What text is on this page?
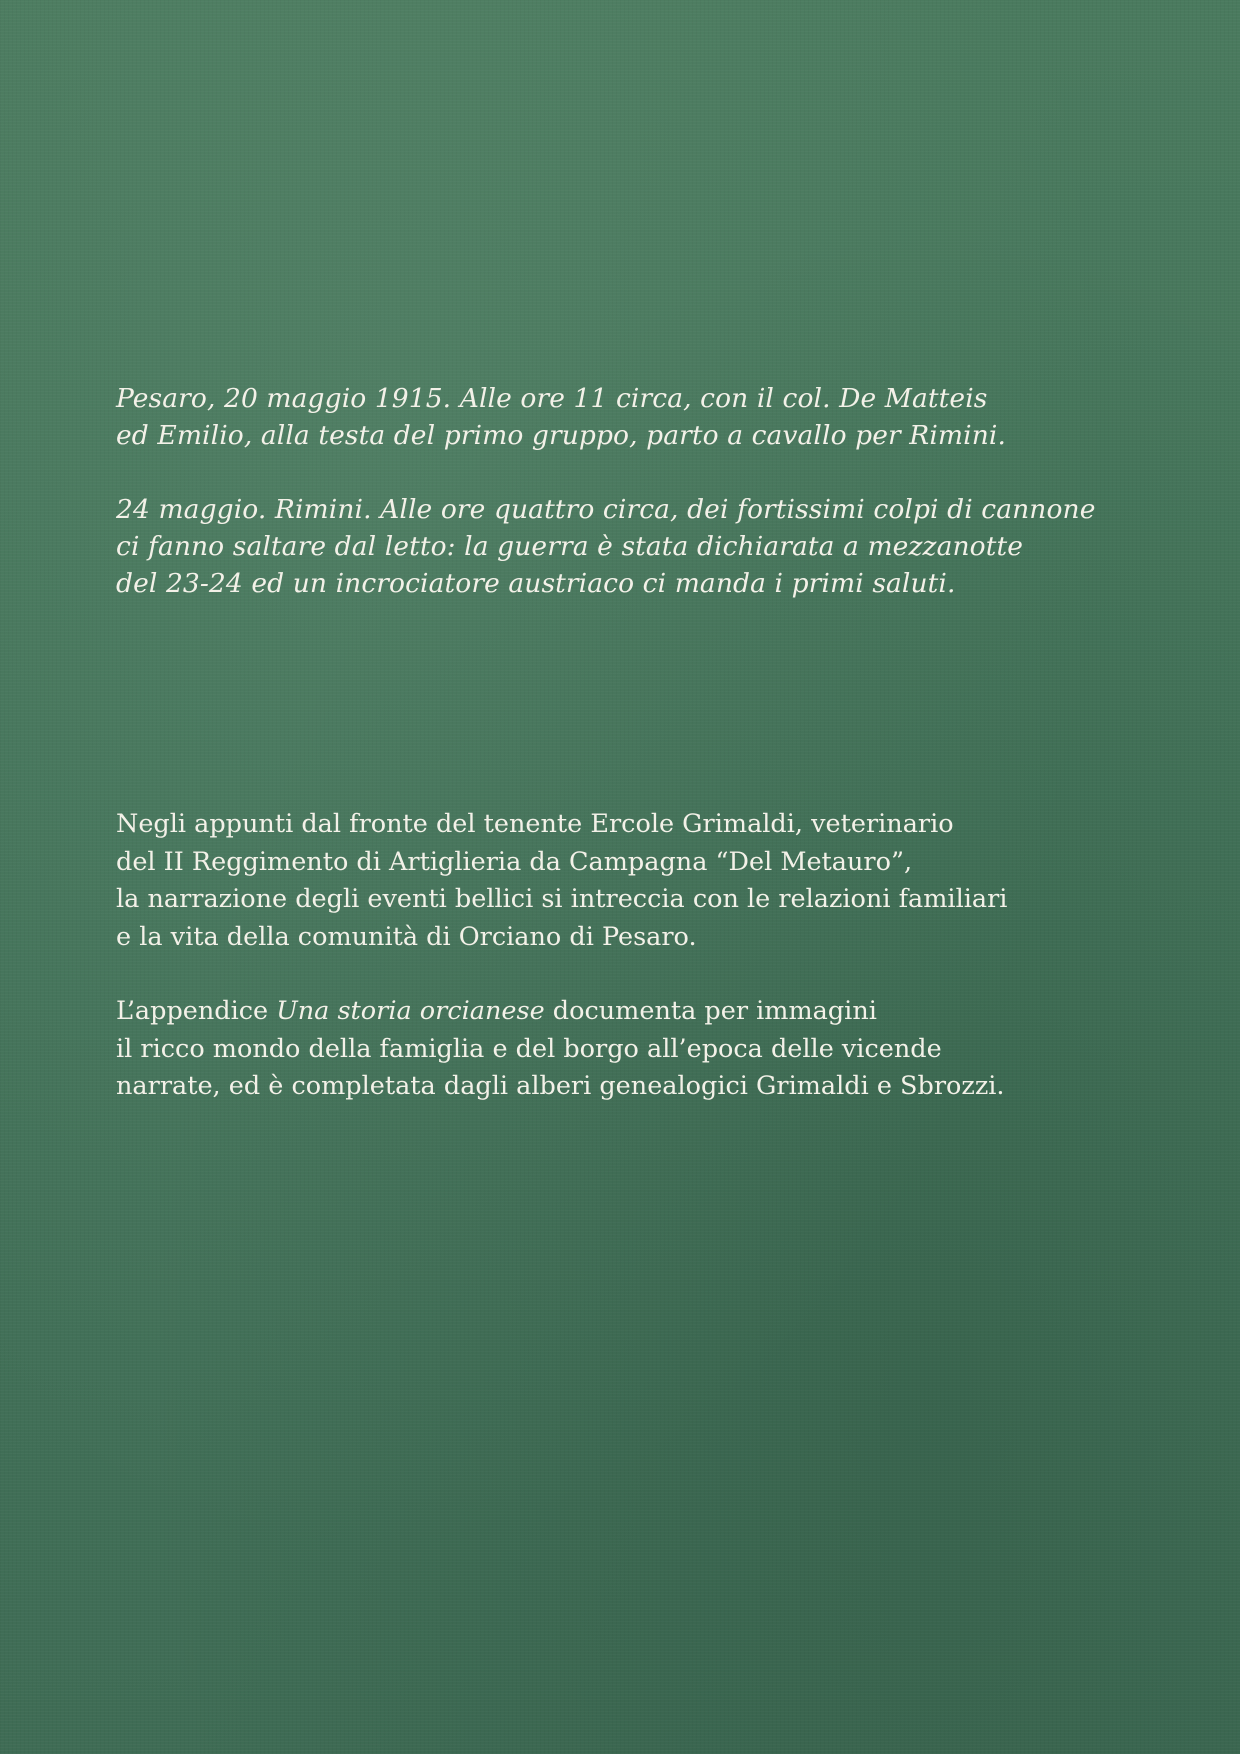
Pesaro, 20 maggio 1915. Alle ore 11 circa, con il col. De Matteis
ed Emilio, alla testa del primo gruppo, parto a cavallo per Rimini.

24 maggio. Rimini. Alle ore quattro circa, dei fortissimi colpi di cannone
ci fanno saltare dal letto: la guerra è stata dichiarata a mezzanotte
del 23-24 ed un incrociatore austriaco ci manda i primi saluti.

Negli appunti dal fronte del tenente Ercole Grimaldi, veterinario
del II Reggimento di Artiglieria da Campagna “Del Metauro”,
la narrazione degli eventi bellici si intreccia con le relazioni familiari
e la vita della comunità di Orciano di Pesaro.

L’appendice Una storia orcianese documenta per immagini
il ricco mondo della famiglia e del borgo all’epoca delle vicende
narrate, ed è completata dagli alberi genealogici Grimaldi e Sbrozzi.
